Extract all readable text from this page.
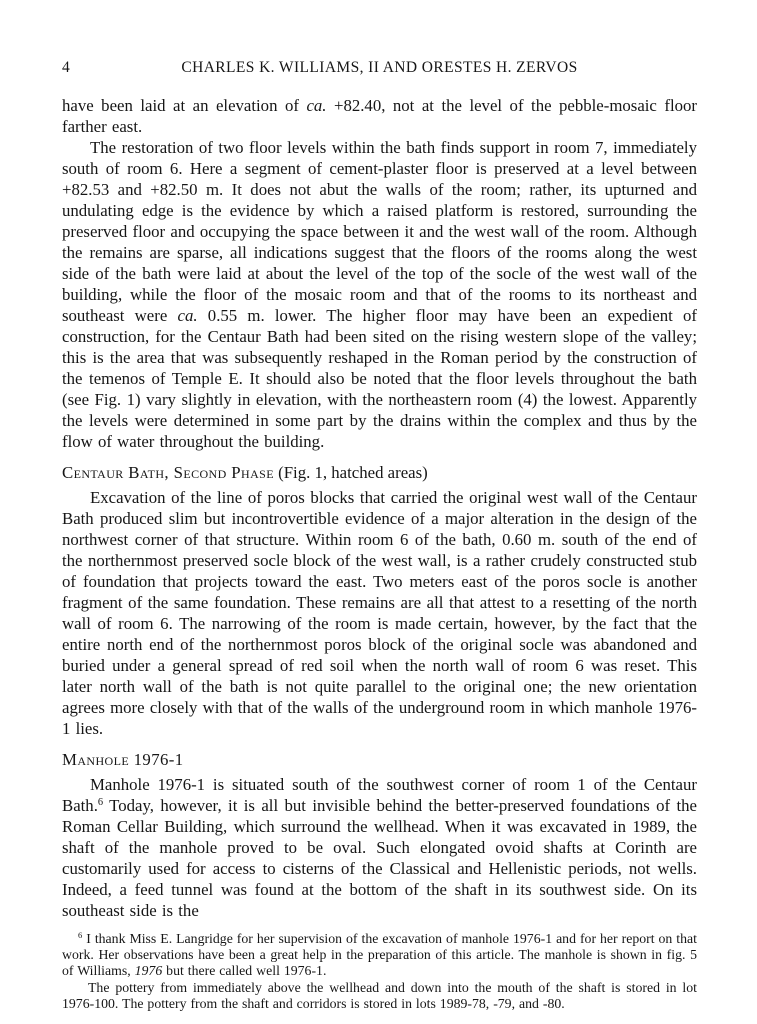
4	CHARLES K. WILLIAMS, II AND ORESTES H. ZERVOS

have been laid at an elevation of ca. +82.40, not at the level of the pebble-mosaic floor farther east.

The restoration of two floor levels within the bath finds support in room 7, immediately south of room 6. Here a segment of cement-plaster floor is preserved at a level between +82.53 and +82.50 m. It does not abut the walls of the room; rather, its upturned and undulating edge is the evidence by which a raised platform is restored, surrounding the preserved floor and occupying the space between it and the west wall of the room. Although the remains are sparse, all indications suggest that the floors of the rooms along the west side of the bath were laid at about the level of the top of the socle of the west wall of the building, while the floor of the mosaic room and that of the rooms to its northeast and southeast were ca. 0.55 m. lower. The higher floor may have been an expedient of construction, for the Centaur Bath had been sited on the rising western slope of the valley; this is the area that was subsequently reshaped in the Roman period by the construction of the temenos of Temple E. It should also be noted that the floor levels throughout the bath (see Fig. 1) vary slightly in elevation, with the northeastern room (4) the lowest. Apparently the levels were determined in some part by the drains within the complex and thus by the flow of water throughout the building.

Centaur Bath, Second Phase (Fig. 1, hatched areas)

Excavation of the line of poros blocks that carried the original west wall of the Centaur Bath produced slim but incontrovertible evidence of a major alteration in the design of the northwest corner of that structure. Within room 6 of the bath, 0.60 m. south of the end of the northernmost preserved socle block of the west wall, is a rather crudely constructed stub of foundation that projects toward the east. Two meters east of the poros socle is another fragment of the same foundation. These remains are all that attest to a resetting of the north wall of room 6. The narrowing of the room is made certain, however, by the fact that the entire north end of the northernmost poros block of the original socle was abandoned and buried under a general spread of red soil when the north wall of room 6 was reset. This later north wall of the bath is not quite parallel to the original one; the new orientation agrees more closely with that of the walls of the underground room in which manhole 1976-1 lies.

Manhole 1976-1

Manhole 1976-1 is situated south of the southwest corner of room 1 of the Centaur Bath.$^6$ Today, however, it is all but invisible behind the better-preserved foundations of the Roman Cellar Building, which surround the wellhead. When it was excavated in 1989, the shaft of the manhole proved to be oval. Such elongated ovoid shafts at Corinth are customarily used for access to cisterns of the Classical and Hellenistic periods, not wells. Indeed, a feed tunnel was found at the bottom of the shaft in its southwest side. On its southeast side is the

$^6$ I thank Miss E. Langridge for her supervision of the excavation of manhole 1976-1 and for her report on that work. Her observations have been a great help in the preparation of this article. The manhole is shown in fig. 5 of Williams, 1976 but there called well 1976-1.

The pottery from immediately above the wellhead and down into the mouth of the shaft is stored in lot 1976-100. The pottery from the shaft and corridors is stored in lots 1989-78, -79, and -80.
